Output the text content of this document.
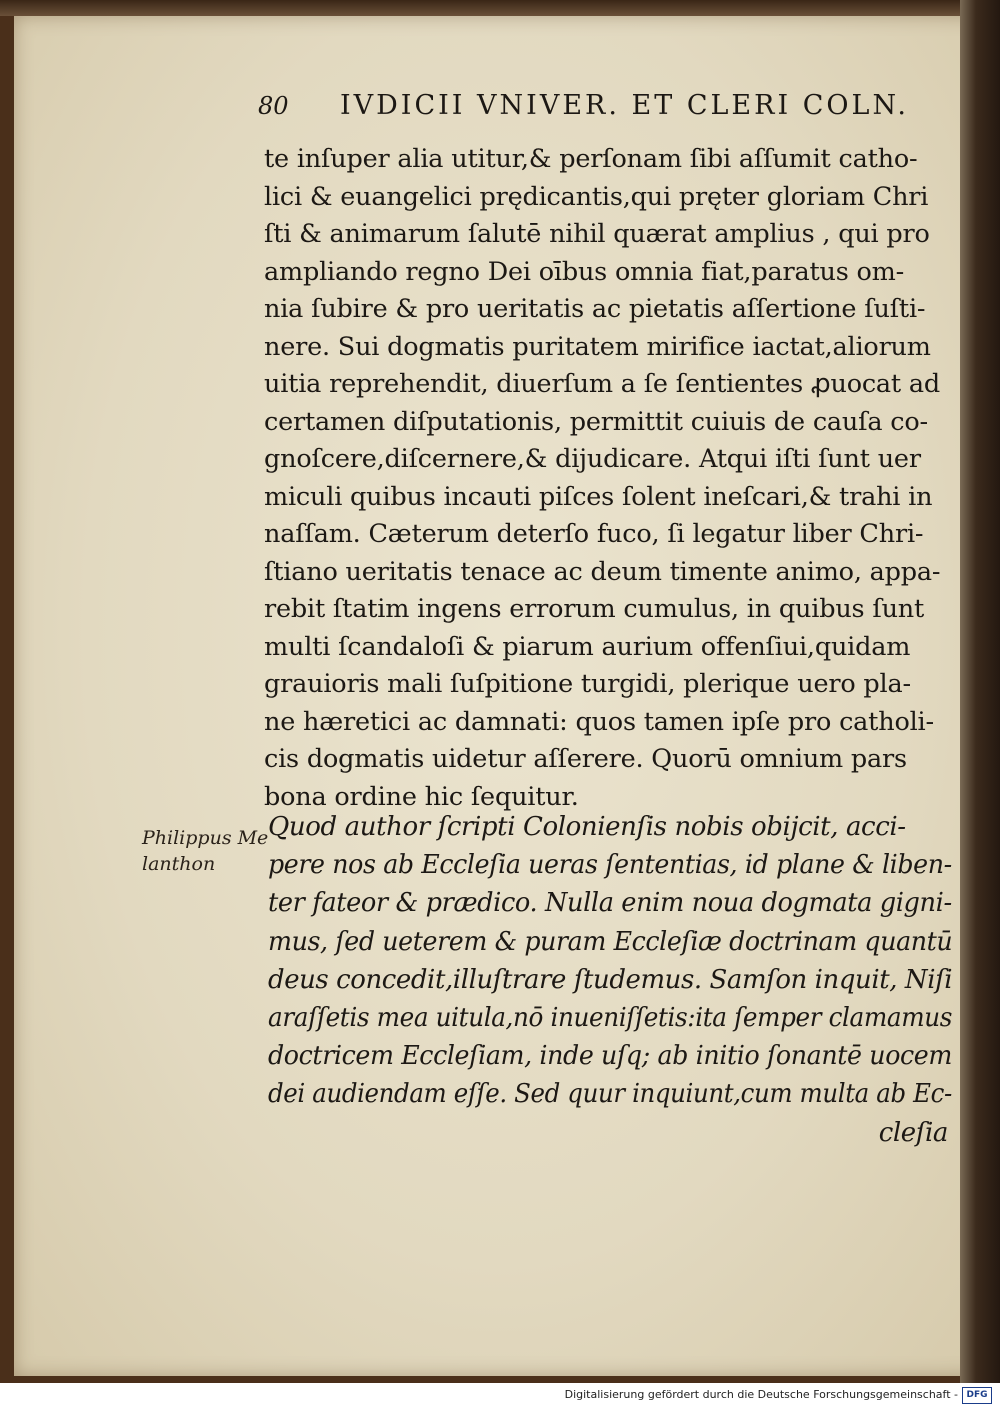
80 IVDICII VNIVER. ET CLERI COLN.
te inſuper alia utitur,& perſonam ſibi aſſumit catho-
lici & euangelici prędicantis,qui pręter gloriam Chri
ſti & animarum ſalutē nihil quærat amplius , qui pro
ampliando regno Dei oībus omnia fiat,paratus om-
nia ſubire & pro ueritatis ac pietatis aſſertione ſuſti-
nere. Sui dogmatis puritatem mirifice iactat,aliorum
uitia reprehendit, diuerſum a ſe ſentientes ꝓuocat ad
certamen diſputationis, permittit cuiuis de cauſa co-
gnoſcere,diſcernere,& dijudicare. Atqui iſti ſunt uer
miculi quibus incauti piſces ſolent ineſcari,& trahi in
naſſam. Cæterum deterſo fuco, ſi legatur liber Chri-
ſtiano ueritatis tenace ac deum timente animo, appa-
rebit ſtatim ingens errorum cumulus, in quibus ſunt
multi ſcandaloſi & piarum aurium offenſiui,quidam
grauioris mali ſuſpitione turgidi, plerique uero pla-
ne hæretici ac damnati: quos tamen ipſe pro catholi-
cis dogmatis uidetur aſſerere. Quorū omnium pars
bona ordine hic ſequitur.
Philippus Me
lanthon
Quod author ſcripti Colonienſis nobis obijcit, acci-
pere nos ab Eccleſia ueras ſententias, id plane & liben-
ter fateor & prædico. Nulla enim noua dogmata gigni-
mus, ſed ueterem & puram Eccleſiæ doctrinam quantū
deus concedit,illuſtrare ſtudemus. Samſon inquit, Niſi
araſſetis mea uitula,nō inueniſſetis:ita ſemper clamamus
doctricem Eccleſiam, inde uſq; ab initio ſonantē uocem
dei audiendam eſſe. Sed quur inquiunt,cum multa ab Ec-
cleſia
Digitalisierung gefördert durch die Deutsche Forschungsgemeinschaft - DFG
